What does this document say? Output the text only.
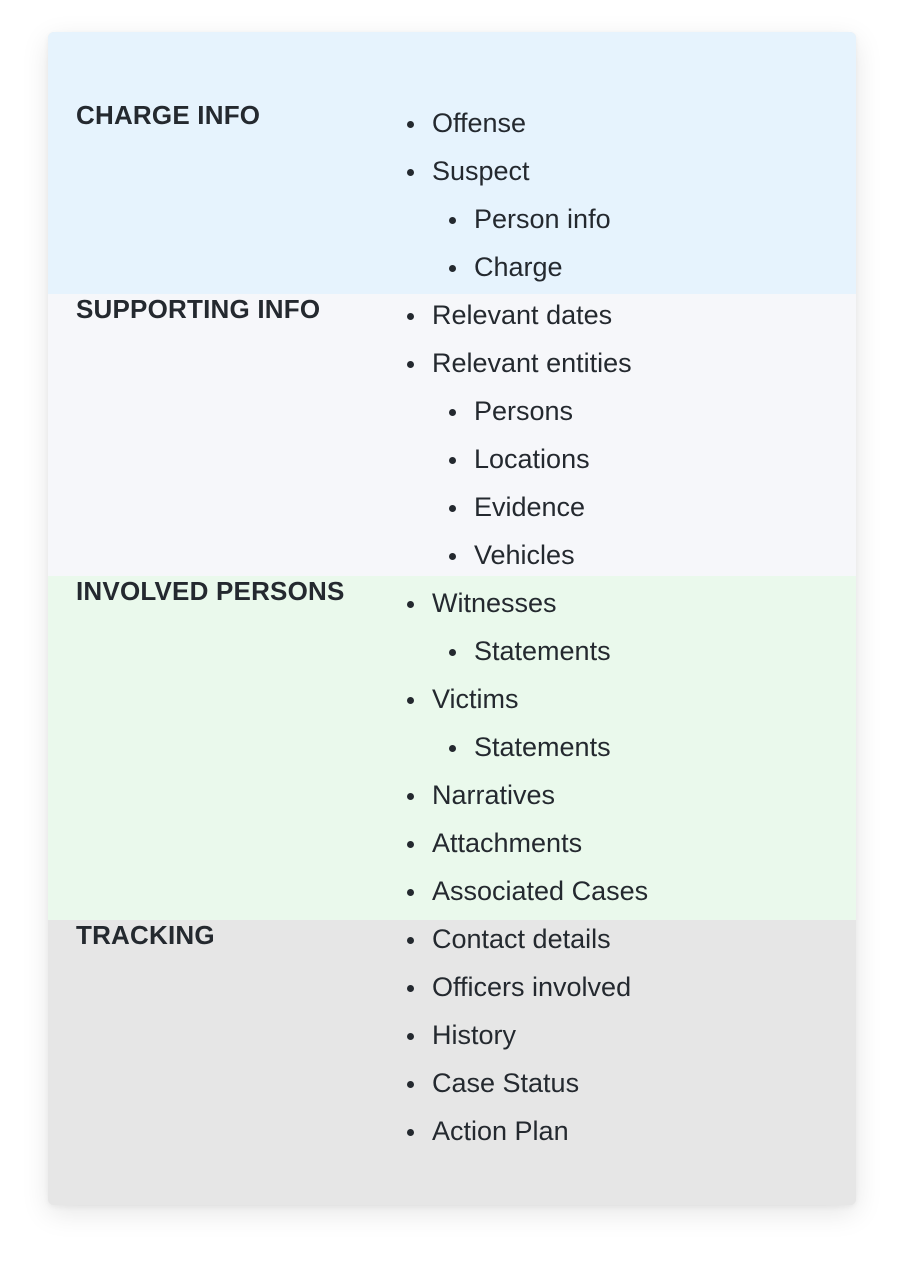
CHARGE INFO	Offense
Suspect
Person info
Charge
SUPPORTING INFO	Relevant dates
Relevant entities
Persons
Locations
Evidence
Vehicles
INVOLVED PERSONS	Witnesses
Statements
Victims
Statements
Narratives
Attachments
Associated Cases
TRACKING	Contact details
Officers involved
History
Case Status
Action Plan
